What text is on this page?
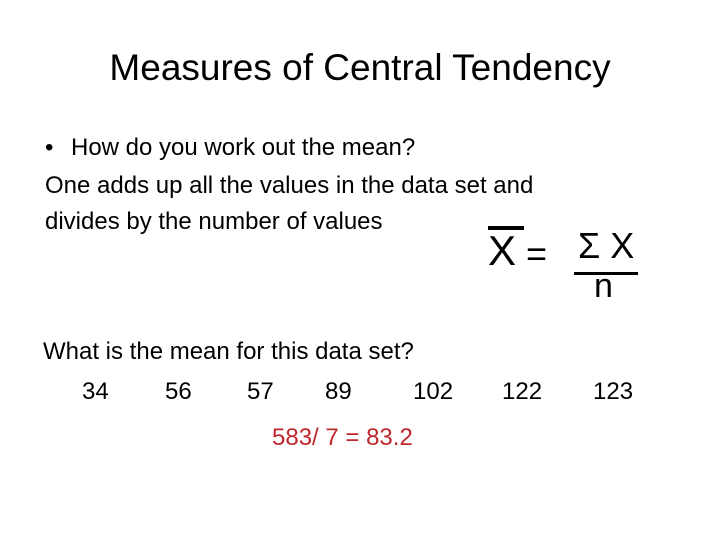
Measures of Central Tendency
• How do you work out the mean?
One adds up all the values in the data set and
divides by the number of values
X = Σ X
n
What is the mean for this data set?
34 56 57 89	102 122 123
583/ 7 = 83.2
